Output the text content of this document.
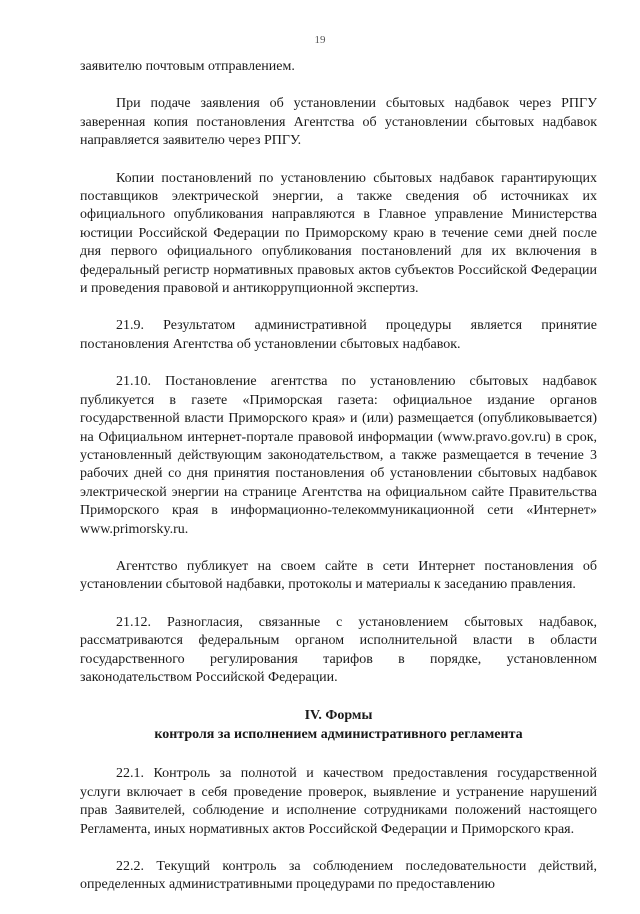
19

заявителю почтовым отправлением.

При подаче заявления об установлении сбытовых надбавок через РПГУ заверенная копия постановления Агентства об установлении сбытовых надбавок направляется заявителю через РПГУ.

Копии постановлений по установлению сбытовых надбавок гарантирующих поставщиков электрической энергии, а также сведения об источниках их официального опубликования направляются в Главное управление Министерства юстиции Российской Федерации по Приморскому краю в течение семи дней после дня первого официального опубликования постановлений для их включения в федеральный регистр нормативных правовых актов субъектов Российской Федерации и проведения правовой и антикоррупционной экспертиз.

21.9. Результатом административной процедуры является принятие постановления Агентства об установлении сбытовых надбавок.

21.10. Постановление агентства по установлению сбытовых надбавок публикуется в газете «Приморская газета: официальное издание органов государственной власти Приморского края» и (или) размещается (опубликовывается) на Официальном интернет-портале правовой информации (www.pravo.gov.ru) в срок, установленный действующим законодательством, а также размещается в течение 3 рабочих дней со дня принятия постановления об установлении сбытовых надбавок электрической энергии на странице Агентства на официальном сайте Правительства Приморского края в информационно-телекоммуникационной сети «Интернет» www.primorsky.ru.

Агентство публикует на своем сайте в сети Интернет постановления об установлении сбытовой надбавки, протоколы и материалы к заседанию правления.

21.12. Разногласия, связанные с установлением сбытовых надбавок, рассматриваются федеральным органом исполнительной власти в области государственного регулирования тарифов в порядке, установленном законодательством Российской Федерации.

IV. Формы
контроля за исполнением административного регламента

22.1. Контроль за полнотой и качеством предоставления государственной услуги включает в себя проведение проверок, выявление и устранение нарушений прав Заявителей, соблюдение и исполнение сотрудниками положений настоящего Регламента, иных нормативных актов Российской Федерации и Приморского края.

22.2. Текущий контроль за соблюдением последовательности действий, определенных административными процедурами по предоставлению
